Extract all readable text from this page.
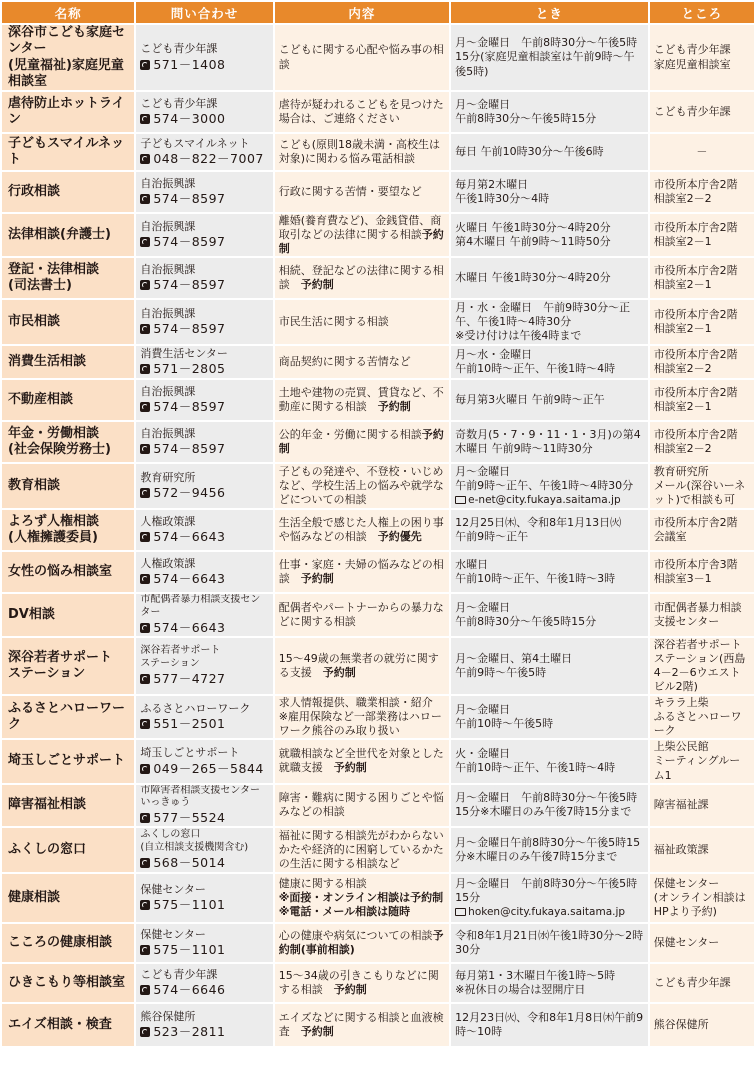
名称	問い合わせ	内容	とき	ところ

深谷市こども家庭センター
(児童福祉)家庭児童相談室	こども青少年課
571－1408	こどもに関する心配や悩み事の相談	月～金曜日　午前8時30分～午後5時15分(家庭児童相談室は午前9時～午後5時)	こども青少年課
家庭児童相談室

虐待防止ホットライン	こども青少年課
574－3000	虐待が疑われるこどもを見つけた場合は、ご連絡ください	月～金曜日
午前8時30分～午後5時15分	こども青少年課

子どもスマイルネット	子どもスマイルネット
048－822－7007	こども(原則18歳未満・高校生は対象)に関わる悩み電話相談	毎日 午前10時30分～午後6時	－

行政相談	自治振興課
574－8597	行政に関する苦情・要望など	毎月第2木曜日
午後1時30分～4時	市役所本庁舎2階
相談室2－2

法律相談(弁護士)	自治振興課
574－8597	離婚(養育費など)、金銭貸借、商取引などの法律に関する相談予約制	火曜日 午後1時30分～4時20分
第4木曜日 午前9時～11時50分	市役所本庁舎2階
相談室2－1

登記・法律相談
(司法書士)	自治振興課
574－8597	相続、登記などの法律に関する相談　予約制	木曜日 午後1時30分～4時20分	市役所本庁舎2階
相談室2－1

市民相談	自治振興課
574－8597	市民生活に関する相談	月・水・金曜日　午前9時30分～正午、午後1時～4時30分
※受け付けは午後4時まで	市役所本庁舎2階
相談室2－1

消費生活相談	消費生活センター
571－2805	商品契約に関する苦情など	月～水・金曜日
午前10時～正午、午後1時～4時	市役所本庁舎2階
相談室2－2

不動産相談	自治振興課
574－8597	土地や建物の売買、賃貸など、不動産に関する相談　予約制	毎月第3火曜日 午前9時～正午	市役所本庁舎2階
相談室2－1

年金・労働相談
(社会保険労務士)	自治振興課
574－8597	公的年金・労働に関する相談予約制	奇数月(5・7・9・11・1・3月)の第4木曜日 午前9時～11時30分	市役所本庁舎2階
相談室2－2

教育相談	教育研究所
572－9456	子どもの発達や、不登校・いじめなど、学校生活上の悩みや就学などについての相談	月～金曜日
午前9時～正午、午後1時～4時30分
e-net@city.fukaya.saitama.jp	教育研究所
メール(深谷いーネット)で相談も可

よろず人権相談
(人権擁護委員)	人権政策課
574－6643	生活全般で感じた人権上の困り事や悩みなどの相談　予約優先	12月25日㈭、令和8年1月13日㈫
午前9時～正午	市役所本庁舎2階
会議室

女性の悩み相談室	人権政策課
574－6643	仕事・家庭・夫婦の悩みなどの相談　予約制	水曜日
午前10時～正午、午後1時～3時	市役所本庁舎3階
相談室3－1

DV相談	市配偶者暴力相談支援センター
574－6643	配偶者やパートナーからの暴力などに関する相談	月～金曜日
午前8時30分～午後5時15分	市配偶者暴力相談支援センター

深谷若者サポート
ステーション	深谷若者サポート
ステーション
577－4727	15～49歳の無業者の就労に関する支援　予約制	月～金曜日、第4土曜日
午前9時～午後5時	深谷若者サポートステーション(西島4－2－6ウエストビル2階)

ふるさとハローワーク	ふるさとハローワーク
551－2501	求人情報提供、職業相談・紹介
※雇用保険など一部業務はハローワーク熊谷のみ取り扱い	月～金曜日
午前10時～午後5時	キララ上柴
ふるさとハローワーク

埼玉しごとサポート	埼玉しごとサポート
049－265－5844	就職相談など全世代を対象とした就職支援　予約制	火・金曜日
午前10時～正午、午後1時～4時	上柴公民館
ミーティングルーム1

障害福祉相談	市障害者相談支援センターいっきゅう
577－5524	障害・難病に関する困りごとや悩みなどの相談	月～金曜日　午前8時30分～午後5時15分※木曜日のみ午後7時15分まで	障害福祉課

ふくしの窓口	ふくしの窓口
(自立相談支援機関含む)
568－5014	福祉に関する相談先がわからないかたや経済的に困窮しているかたの生活に関する相談など	月～金曜日午前8時30分～午後5時15分※木曜日のみ午後7時15分まで	福祉政策課

健康相談	保健センター
575－1101	健康に関する相談
※面接・オンライン相談は予約制
※電話・メール相談は随時	月～金曜日　午前8時30分～午後5時15分
hoken@city.fukaya.saitama.jp	保健センター
(オンライン相談はHPより予約)

こころの健康相談	保健センター
575－1101	心の健康や病気についての相談予約制(事前相談)	令和8年1月21日㈬午後1時30分～2時30分	保健センター

ひきこもり等相談室	こども青少年課
574－6646	15～34歳の引きこもりなどに関する相談　予約制	毎月第1・3木曜日午後1時～5時
※祝休日の場合は翌開庁日	こども青少年課

エイズ相談・検査	熊谷保健所
523－2811	エイズなどに関する相談と血液検査　予約制	12月23日㈫、令和8年1月8日㈭午前9時～10時	熊谷保健所
